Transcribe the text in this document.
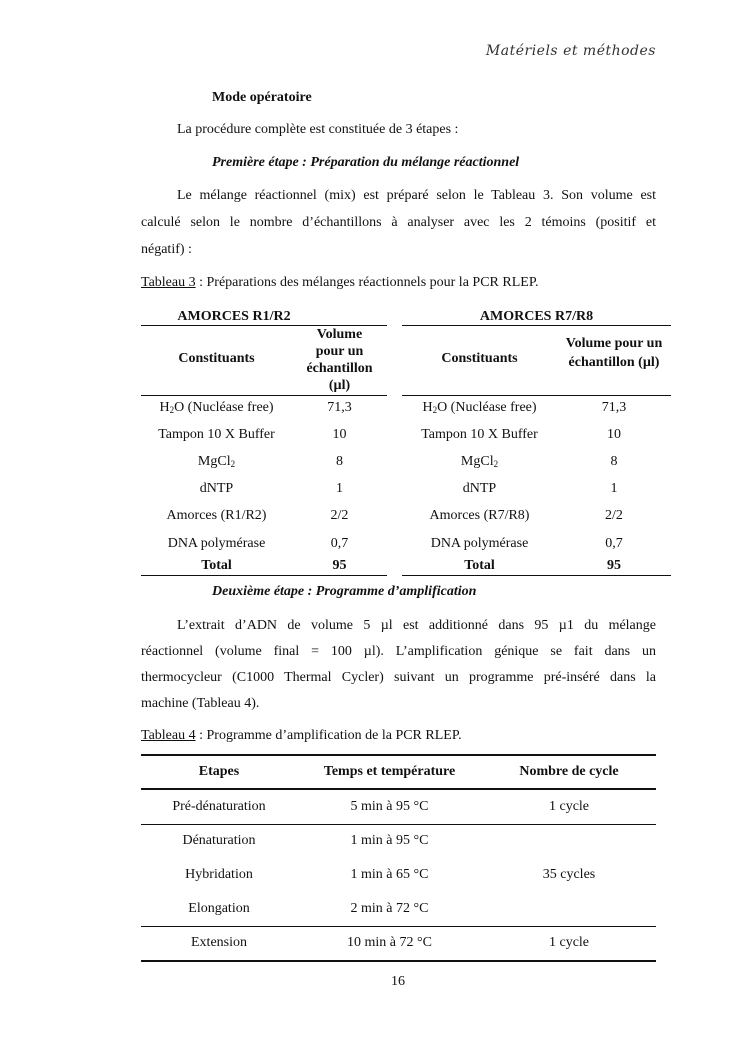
Matériels et méthodes
Mode opératoire
La procédure complète est constituée de 3 étapes :
Première étape : Préparation du mélange réactionnel
Le mélange réactionnel (mix) est préparé selon le Tableau 3. Son volume est
calculé selon le nombre d’échantillons à analyser avec les 2 témoins (positif et
négatif) :
Tableau 3 : Préparations des mélanges réactionnels pour la PCR RLEP.
AMORCES R1/R2
Constituants
Volume pour un échantillon (µl)
$H_2O$ (Nucléase free)	71,3
Tampon 10 X Buffer	10
MgCl$_2$	8
dNTP	1
Amorces (R1/R2)	2/2
DNA polymérase	0,7
Total	95
AMORCES R7/R8
Constituants
Volume pour un échantillon (µl)
$H_2O$ (Nucléase free)	71,3
Tampon 10 X Buffer	10
MgCl$_2$	8
dNTP	1
Amorces (R7/R8)	2/2
DNA polymérase	0,7
Total	95
Deuxième étape : Programme d’amplification
L’extrait d’ADN de volume 5 µl est additionné dans 95 µ1 du mélange
réactionnel (volume final = 100 µl). L’amplification génique se fait dans un
thermocycleur (C1000 Thermal Cycler) suivant un programme pré-inséré dans la
machine (Tableau 4).
Tableau 4 : Programme d’amplification de la PCR RLEP.
Etapes	Temps et température	Nombre de cycle
Pré-dénaturation	5 min à 95 °C	1 cycle
Dénaturation	1 min à 95 °C
Hybridation	1 min à 65 °C	35 cycles
Elongation	2 min à 72 °C
Extension	10 min à 72 °C	1 cycle
16
